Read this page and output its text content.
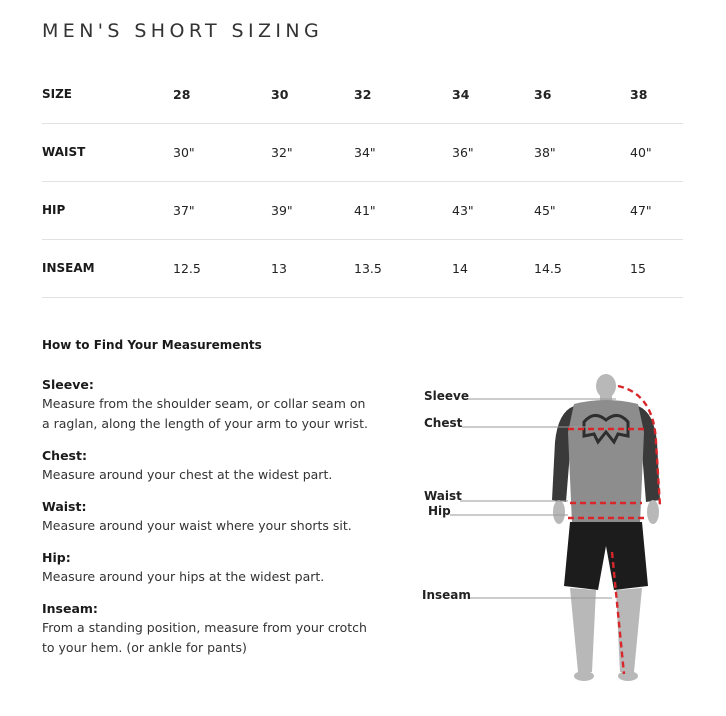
MEN'S SHORT SIZING
SIZE	28	30	32	34	36	38
WAIST	30"	32"	34"	36"	38"	40"
HIP	37"	39"	41"	43"	45"	47"
INSEAM	12.5	13	13.5	14	14.5	15
How to Find Your Measurements
Sleeve:
Measure from the shoulder seam, or collar seam on a raglan, along the length of your arm to your wrist.
Chest:
Measure around your chest at the widest part.
Waist:
Measure around your waist where your shorts sit.
Hip:
Measure around your hips at the widest part.
Inseam:
From a standing position, measure from your crotch to your hem. (or ankle for pants)
Sleeve
Chest
Waist
Hip
Inseam
